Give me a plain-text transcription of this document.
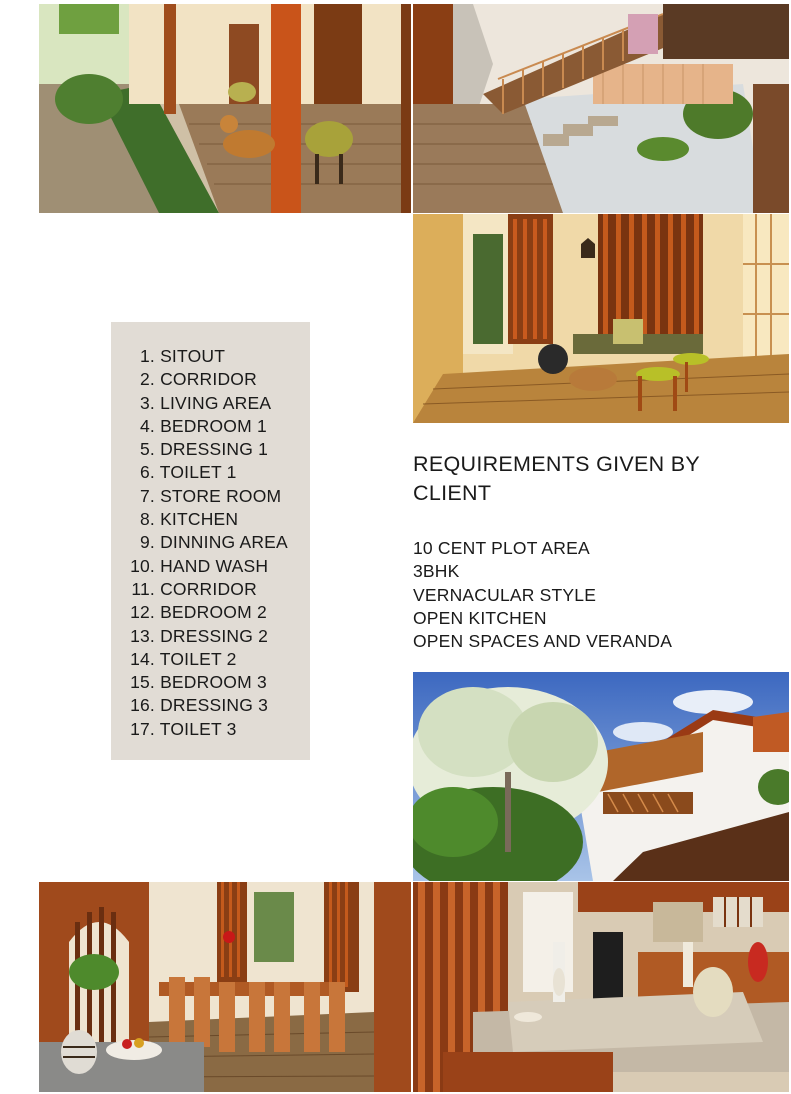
1. SITOUT
2. CORRIDOR
3. LIVING AREA
4. BEDROOM 1
5. DRESSING 1
6. TOILET 1
7. STORE ROOM
8. KITCHEN
9. DINNING AREA
10. HAND WASH
11. CORRIDOR
12. BEDROOM 2
13. DRESSING 2
14. TOILET 2
15. BEDROOM 3
16. DRESSING 3
17. TOILET 3
REQUIREMENTS GIVEN BY CLIENT
10 CENT PLOT AREA
3BHK
VERNACULAR STYLE
OPEN KITCHEN
OPEN SPACES AND VERANDA
